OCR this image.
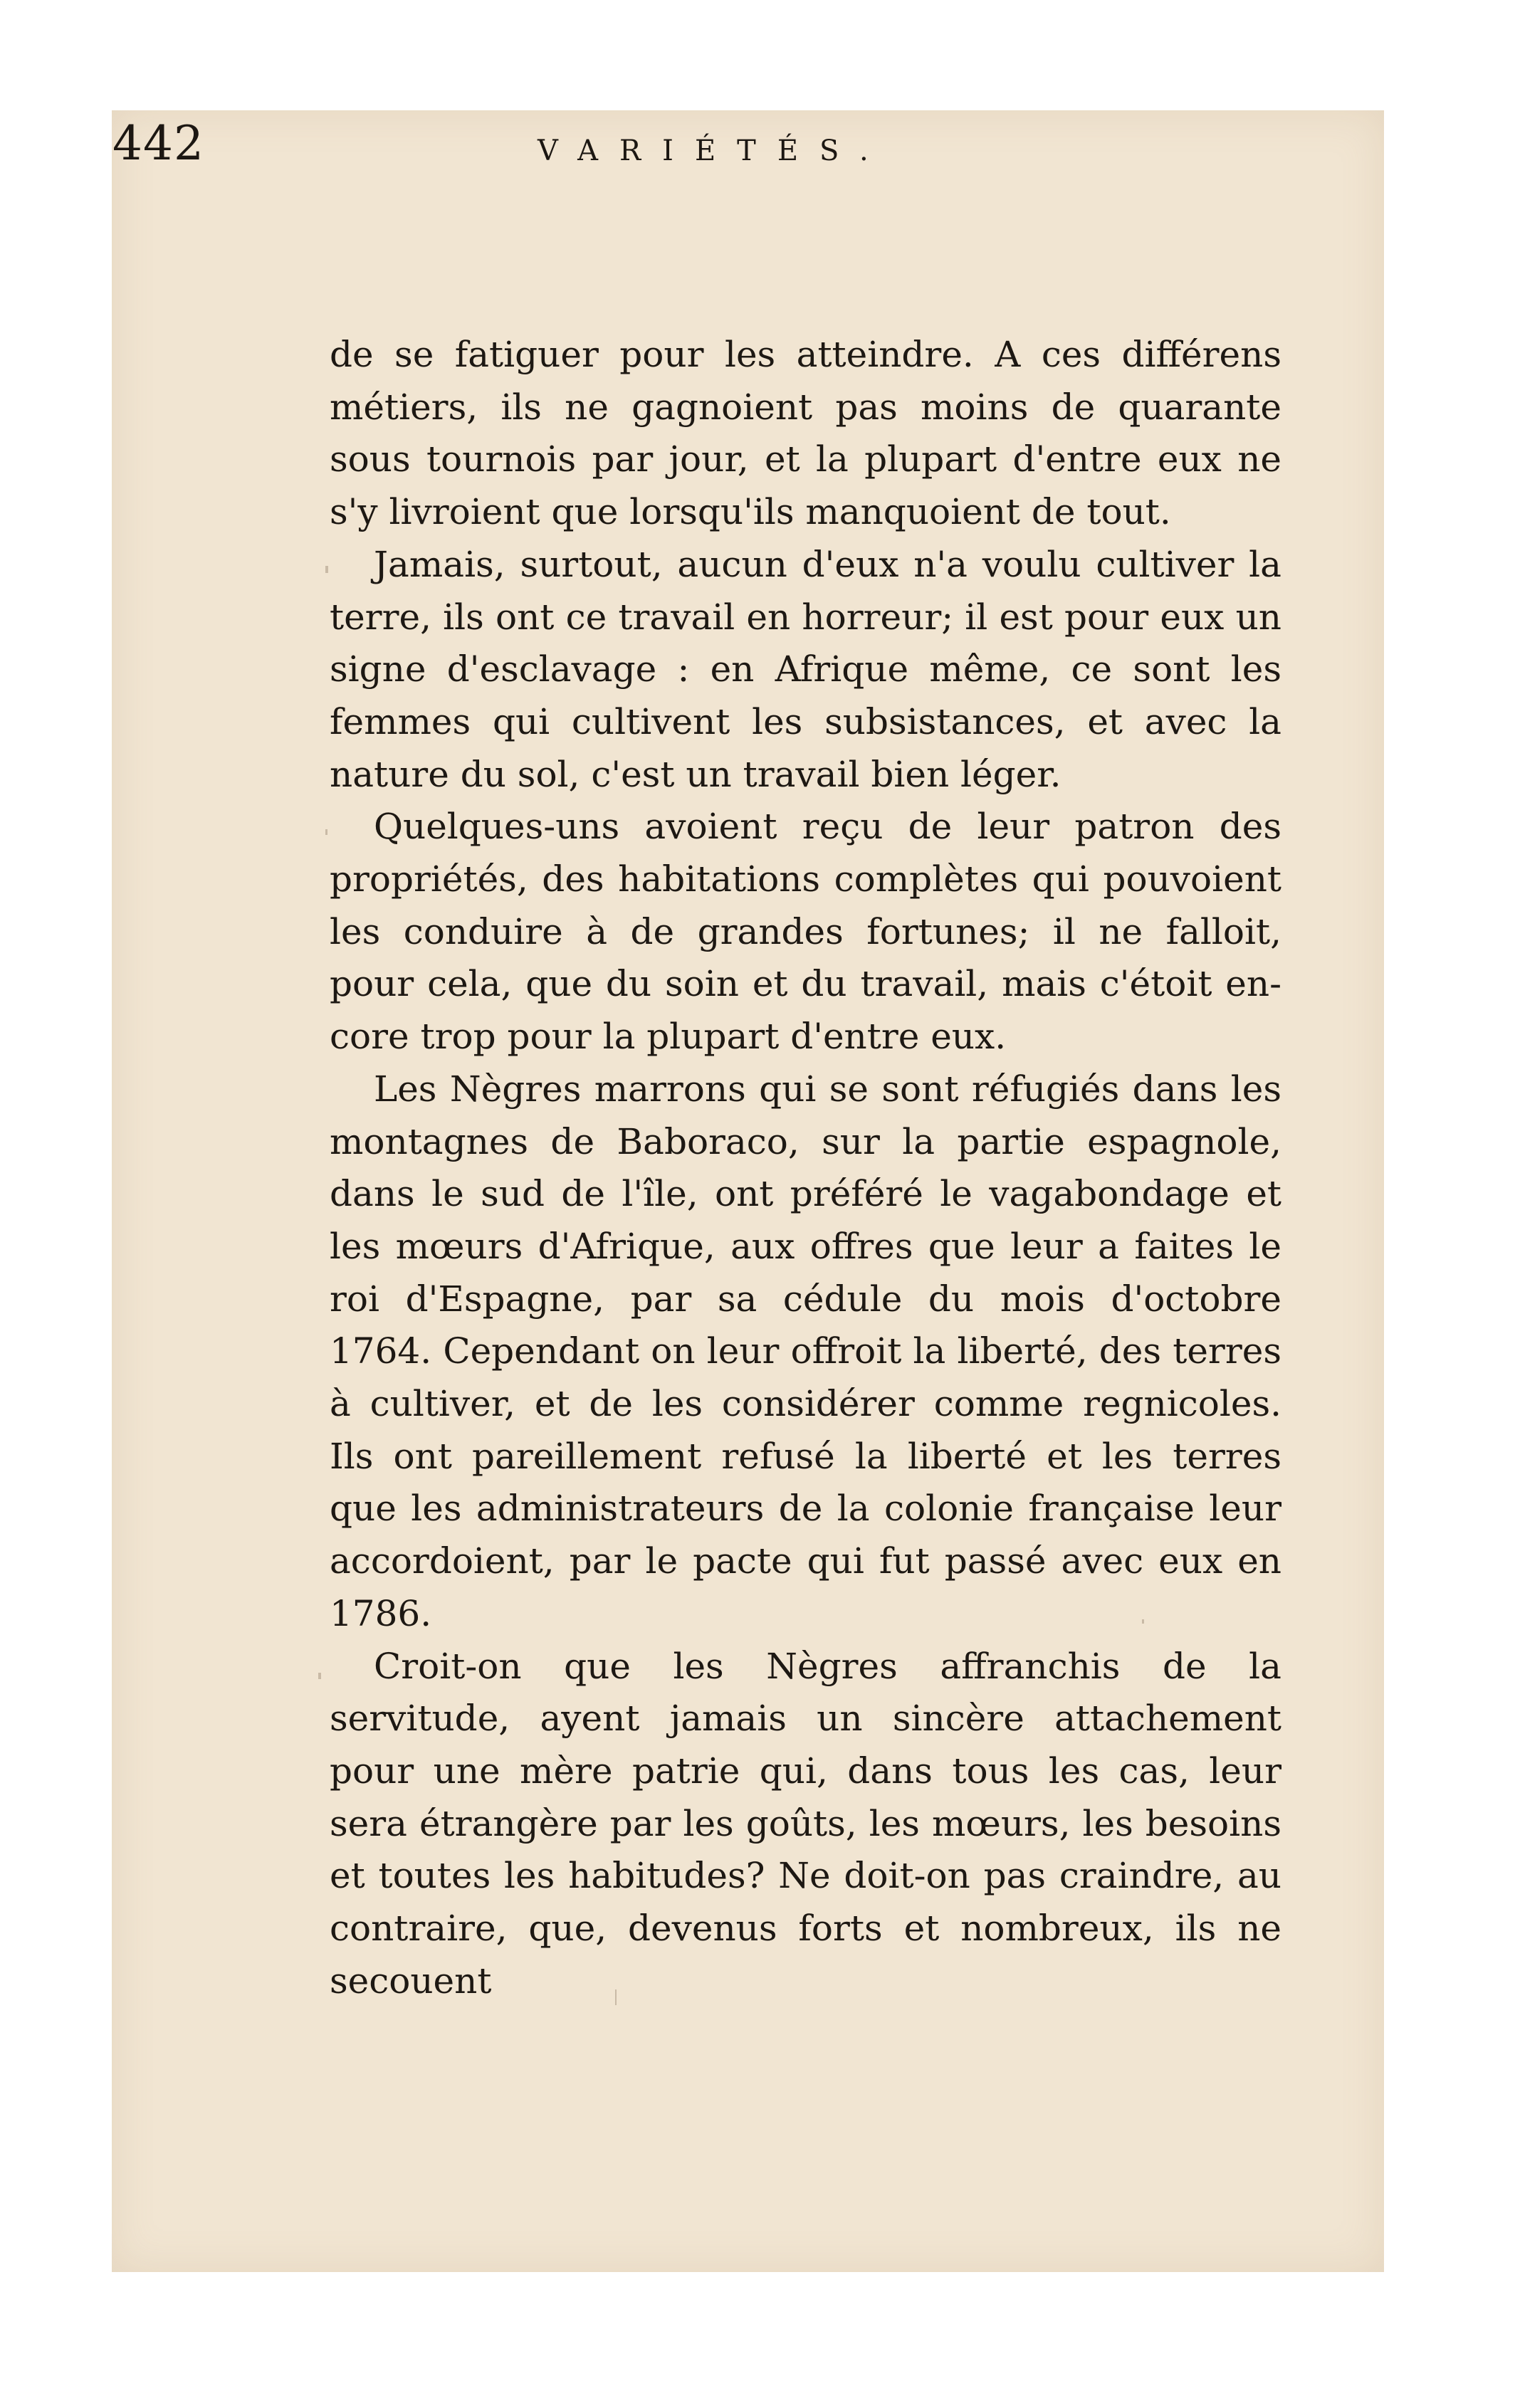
442	VARIÉTÉS.

de se fatiguer pour les atteindre. A ces différens métiers, ils ne gagnoient pas moins de quarante sous tournois par jour, et la plupart d'entre eux ne s'y livroient que lorsqu'ils manquoient de tout.

Jamais, surtout, aucun d'eux n'a voulu cultiver la terre, ils ont ce travail en horreur; il est pour eux un signe d'esclavage : en Afrique même, ce sont les femmes qui cultivent les subsistances, et avec la nature du sol, c'est un travail bien léger.

Quelques-uns avoient reçu de leur patron des propriétés, des habitations complètes qui pouvoient les conduire à de grandes fortunes; il ne falloit, pour cela, que du soin et du travail, mais c'étoit encore trop pour la plupart d'entre eux.

Les Nègres marrons qui se sont réfugiés dans les montagnes de Baboraco, sur la partie espagnole, dans le sud de l'île, ont préféré le vagabondage et les mœurs d'Afrique, aux offres que leur a faites le roi d'Espagne, par sa cédule du mois d'octobre 1764. Cependant on leur offroit la liberté, des terres à cultiver, et de les considérer comme regnicoles. Ils ont pareillement refusé la liberté et les terres que les administrateurs de la colonie française leur accordoient, par le pacte qui fut passé avec eux en 1786.

Croit-on que les Nègres affranchis de la servitude, ayent jamais un sincère attachement pour une mère patrie qui, dans tous les cas, leur sera étrangère par les goûts, les mœurs, les besoins et toutes les habitudes? Ne doit-on pas craindre, au contraire, que, devenus forts et nombreux, ils ne secouent
